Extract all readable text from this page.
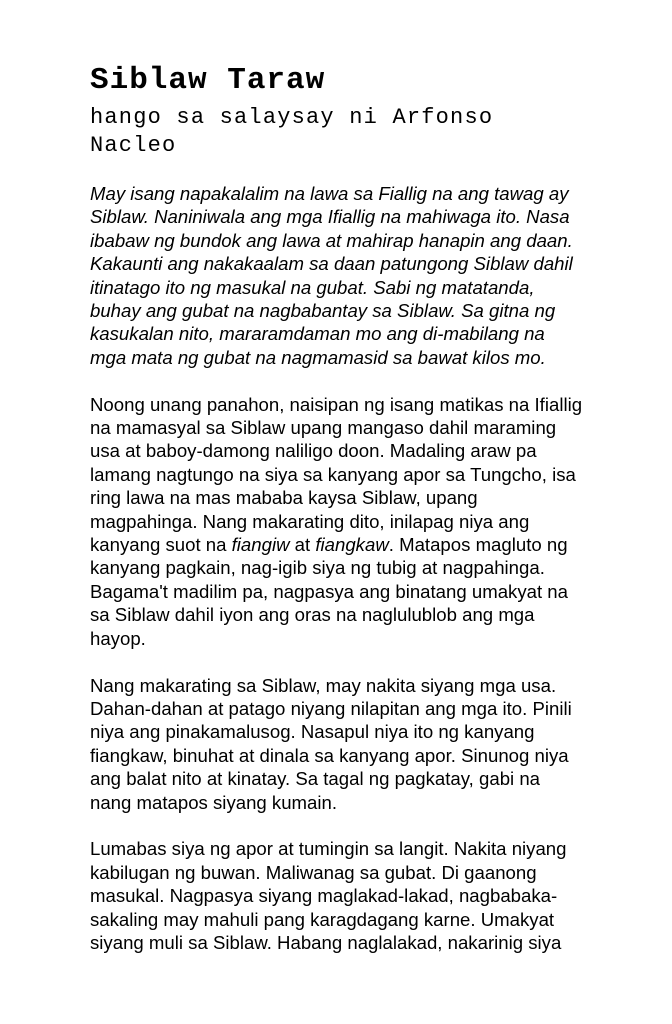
Siblaw Taraw
hango sa salaysay ni Arfonso Nacleo
May isang napakalalim na lawa sa Fiallig na ang tawag ay
Siblaw. Naniniwala ang mga Ifiallig na mahiwaga ito. Nasa
ibabaw ng bundok ang lawa at mahirap hanapin ang daan.
Kakaunti ang nakakaalam sa daan patungong Siblaw dahil
itinatago ito ng masukal na gubat. Sabi ng matatanda,
buhay ang gubat na nagbabantay sa Siblaw. Sa gitna ng
kasukalan nito, mararamdaman mo ang di-mabilang na
mga mata ng gubat na nagmamasid sa bawat kilos mo.
Noong unang panahon, naisipan ng isang matikas na Ifiallig
na mamasyal sa Siblaw upang mangaso dahil maraming
usa at baboy-damong naliligo doon. Madaling araw pa
lamang nagtungo na siya sa kanyang apor sa Tungcho, isa
ring lawa na mas mababa kaysa Siblaw, upang
magpahinga. Nang makarating dito, inilapag niya ang
kanyang suot na fiangiw at fiangkaw. Matapos magluto ng
kanyang pagkain, nag-igib siya ng tubig at nagpahinga.
Bagama't madilim pa, nagpasya ang binatang umakyat na
sa Siblaw dahil iyon ang oras na naglulublob ang mga
hayop.
Nang makarating sa Siblaw, may nakita siyang mga usa.
Dahan-dahan at patago niyang nilapitan ang mga ito. Pinili
niya ang pinakamalusog. Nasapul niya ito ng kanyang
fiangkaw, binuhat at dinala sa kanyang apor. Sinunog niya
ang balat nito at kinatay. Sa tagal ng pagkatay, gabi na
nang matapos siyang kumain.
Lumabas siya ng apor at tumingin sa langit. Nakita niyang
kabilugan ng buwan. Maliwanag sa gubat. Di gaanong
masukal. Nagpasya siyang maglakad-lakad, nagbabaka-
sakaling may mahuli pang karagdagang karne. Umakyat
siyang muli sa Siblaw. Habang naglalakad, nakarinig siya
